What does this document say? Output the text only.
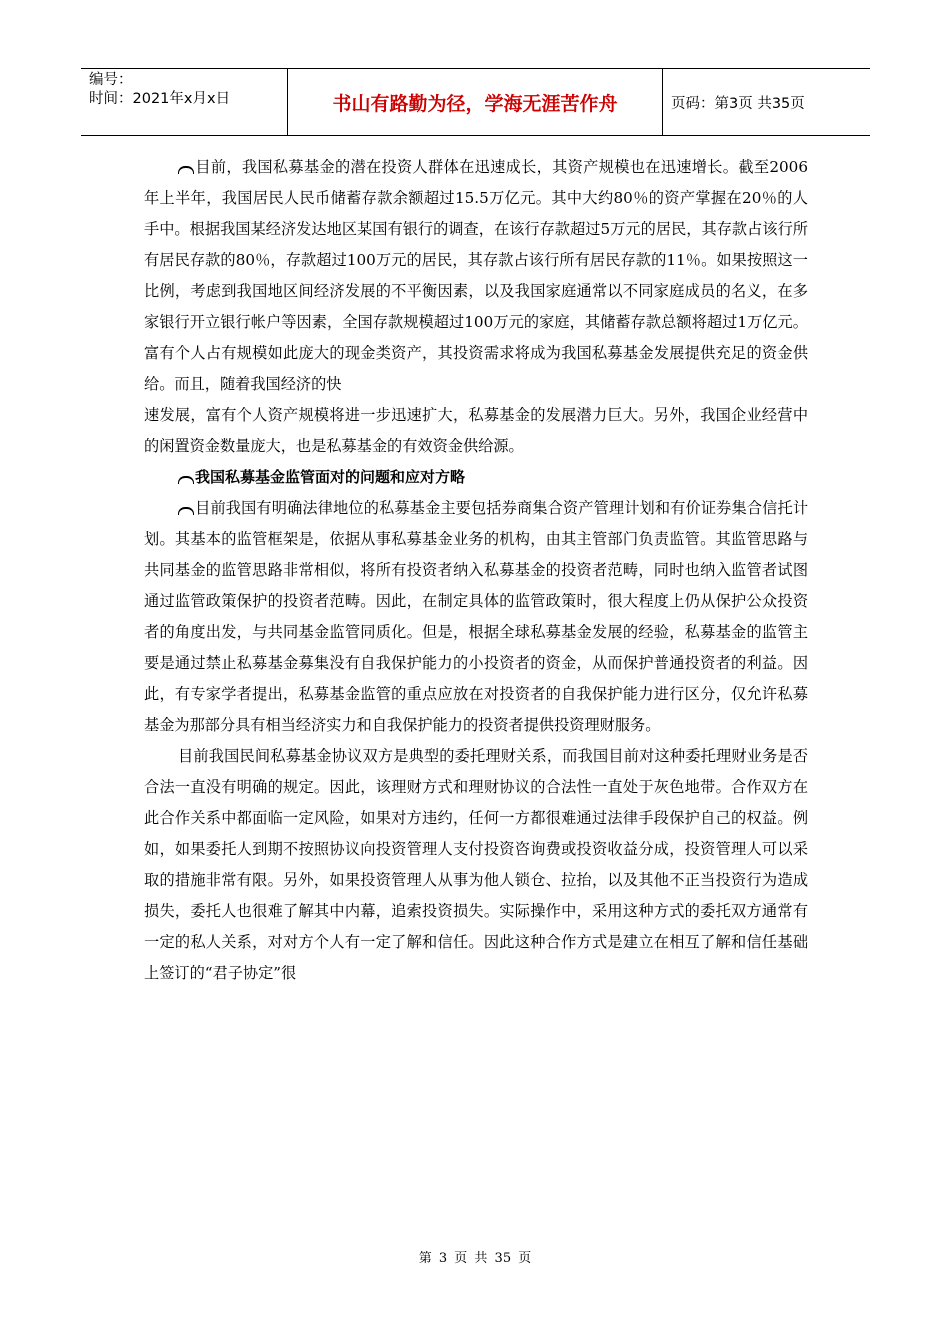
编号：
时间：2021年x月x日	书山有路勤为径，学海无涯苦作舟	页码：第3页 共35页

目前，我国私募基金的潜在投资人群体在迅速成长，其资产规模也在迅速增长。截至2006年上半年，我国居民人民币储蓄存款余额超过15.5万亿元。其中大约80％的资产掌握在20％的人手中。根据我国某经济发达地区某国有银行的调查，在该行存款超过5万元的居民，其存款占该行所有居民存款的80％，存款超过100万元的居民，其存款占该行所有居民存款的11％。如果按照这一比例，考虑到我国地区间经济发展的不平衡因素，以及我国家庭通常以不同家庭成员的名义，在多家银行开立银行帐户等因素，全国存款规模超过100万元的家庭，其储蓄存款总额将超过1万亿元。富有个人占有规模如此庞大的现金类资产，其投资需求将成为我国私募基金发展提供充足的资金供给。而且，随着我国经济的快

速发展，富有个人资产规模将进一步迅速扩大，私募基金的发展潜力巨大。另外，我国企业经营中的闲置资金数量庞大，也是私募基金的有效资金供给源。

我国私募基金监管面对的问题和应对方略

目前我国有明确法律地位的私募基金主要包括券商集合资产管理计划和有价证券集合信托计划。其基本的监管框架是，依据从事私募基金业务的机构，由其主管部门负责监管。其监管思路与共同基金的监管思路非常相似，将所有投资者纳入私募基金的投资者范畴，同时也纳入监管者试图通过监管政策保护的投资者范畴。因此，在制定具体的监管政策时，很大程度上仍从保护公众投资者的角度出发，与共同基金监管同质化。但是，根据全球私募基金发展的经验，私募基金的监管主要是通过禁止私募基金募集没有自我保护能力的小投资者的资金，从而保护普通投资者的利益。因此，有专家学者提出，私募基金监管的重点应放在对投资者的自我保护能力进行区分，仅允许私募基金为那部分具有相当经济实力和自我保护能力的投资者提供投资理财服务。

目前我国民间私募基金协议双方是典型的委托理财关系，而我国目前对这种委托理财业务是否合法一直没有明确的规定。因此，该理财方式和理财协议的合法性一直处于灰色地带。合作双方在此合作关系中都面临一定风险，如果对方违约，任何一方都很难通过法律手段保护自己的权益。例如，如果委托人到期不按照协议向投资管理人支付投资咨询费或投资收益分成，投资管理人可以采取的措施非常有限。另外，如果投资管理人从事为他人锁仓、拉抬，以及其他不正当投资行为造成损失，委托人也很难了解其中内幕，追索投资损失。实际操作中，采用这种方式的委托双方通常有一定的私人关系，对对方个人有一定了解和信任。因此这种合作方式是建立在相互了解和信任基础上签订的“君子协定”很

第 3 页 共 35 页
